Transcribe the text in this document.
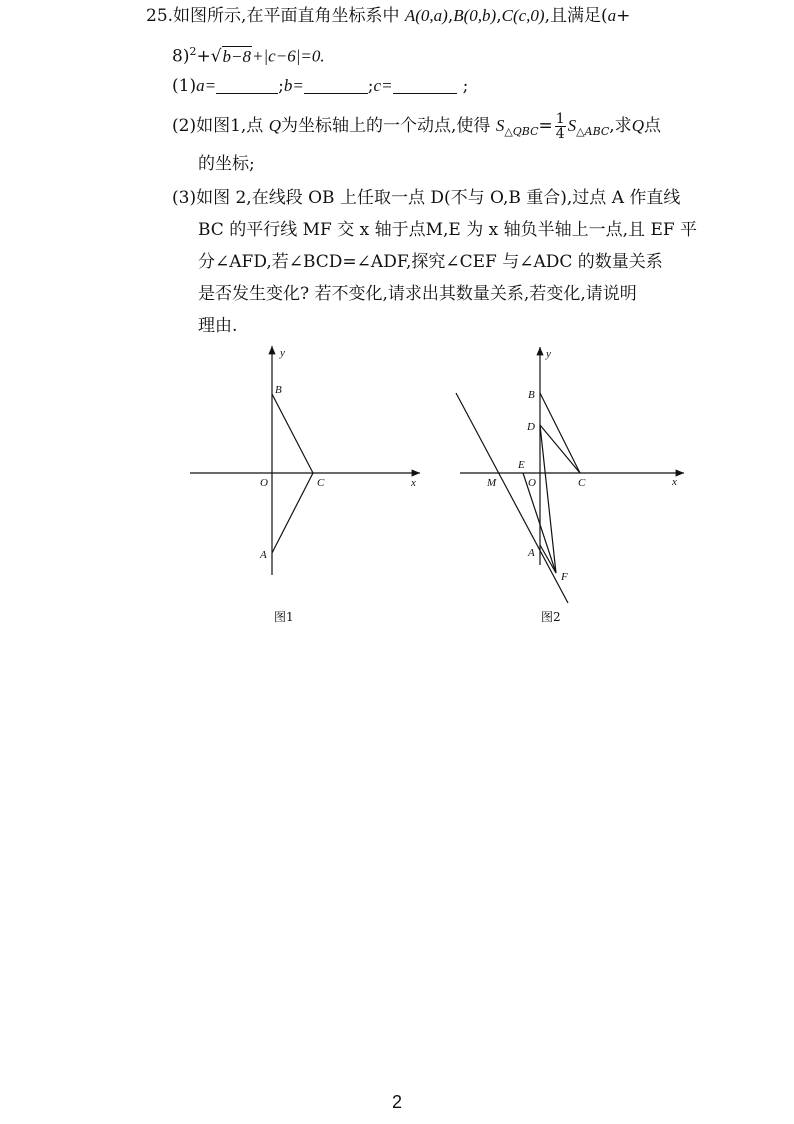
25.如图所示,在平面直角坐标系中 A(0,a),B(0,b),C(c,0),且满足(a+
8)$^2$+√b−8+|c−6|=0.
(1)a=	;b=	;c=	;
(2)如图1,点 Q为坐标轴上的一个动点,使得 $S_{\triangle QBC}= \frac{1}{4} S_{\triangle ABC}$,求Q点
的坐标;
(3)如图 2,在线段 OB 上任取一点 D(不与 O,B 重合),过点 A 作直线
BC 的平行线 MF 交 x 轴于点M,E 为 x 轴负半轴上一点,且 EF 平
分∠AFD,若∠BCD=∠ADF,探究∠CEF 与∠ADC 的数量关系
是否发生变化? 若不变化,请求出其数量关系,若变化,请说明
理由.
y
x
B
O	C
A
y
x
B
D
E
M	O	C
A
F
图1	图2
2
